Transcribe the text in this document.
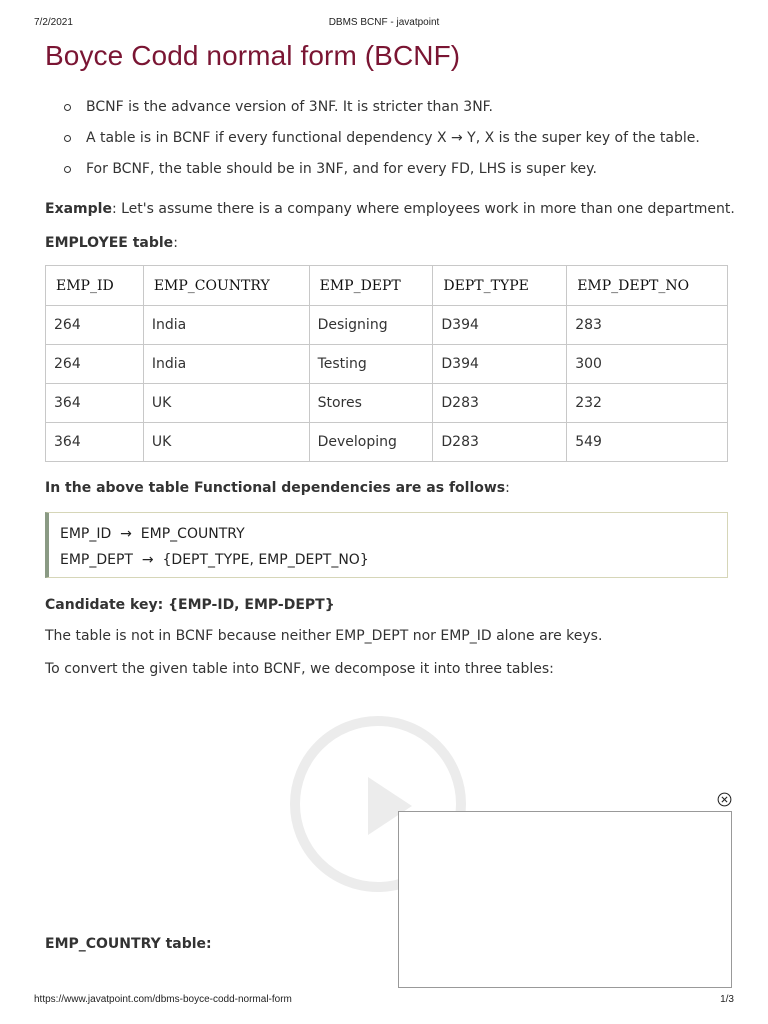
7/2/2021	DBMS BCNF - javatpoint
Boyce Codd normal form (BCNF)
BCNF is the advance version of 3NF. It is stricter than 3NF.
A table is in BCNF if every functional dependency X → Y, X is the super key of the table.
For BCNF, the table should be in 3NF, and for every FD, LHS is super key.

Example: Let's assume there is a company where employees work in more than one department.

EMPLOYEE table:

EMP_ID	EMP_COUNTRY	EMP_DEPT	DEPT_TYPE	EMP_DEPT_NO
264	India	Designing	D394	283
264	India	Testing	D394	300
364	UK	Stores	D283	232
364	UK	Developing	D283	549

In the above table Functional dependencies are as follows:

EMP_ID  →  EMP_COUNTRY
EMP_DEPT  →  {DEPT_TYPE, EMP_DEPT_NO}

Candidate key: {EMP-ID, EMP-DEPT}

The table is not in BCNF because neither EMP_DEPT nor EMP_ID alone are keys.

To convert the given table into BCNF, we decompose it into three tables:

EMP_COUNTRY table:

https://www.javatpoint.com/dbms-boyce-codd-normal-form	1/3
